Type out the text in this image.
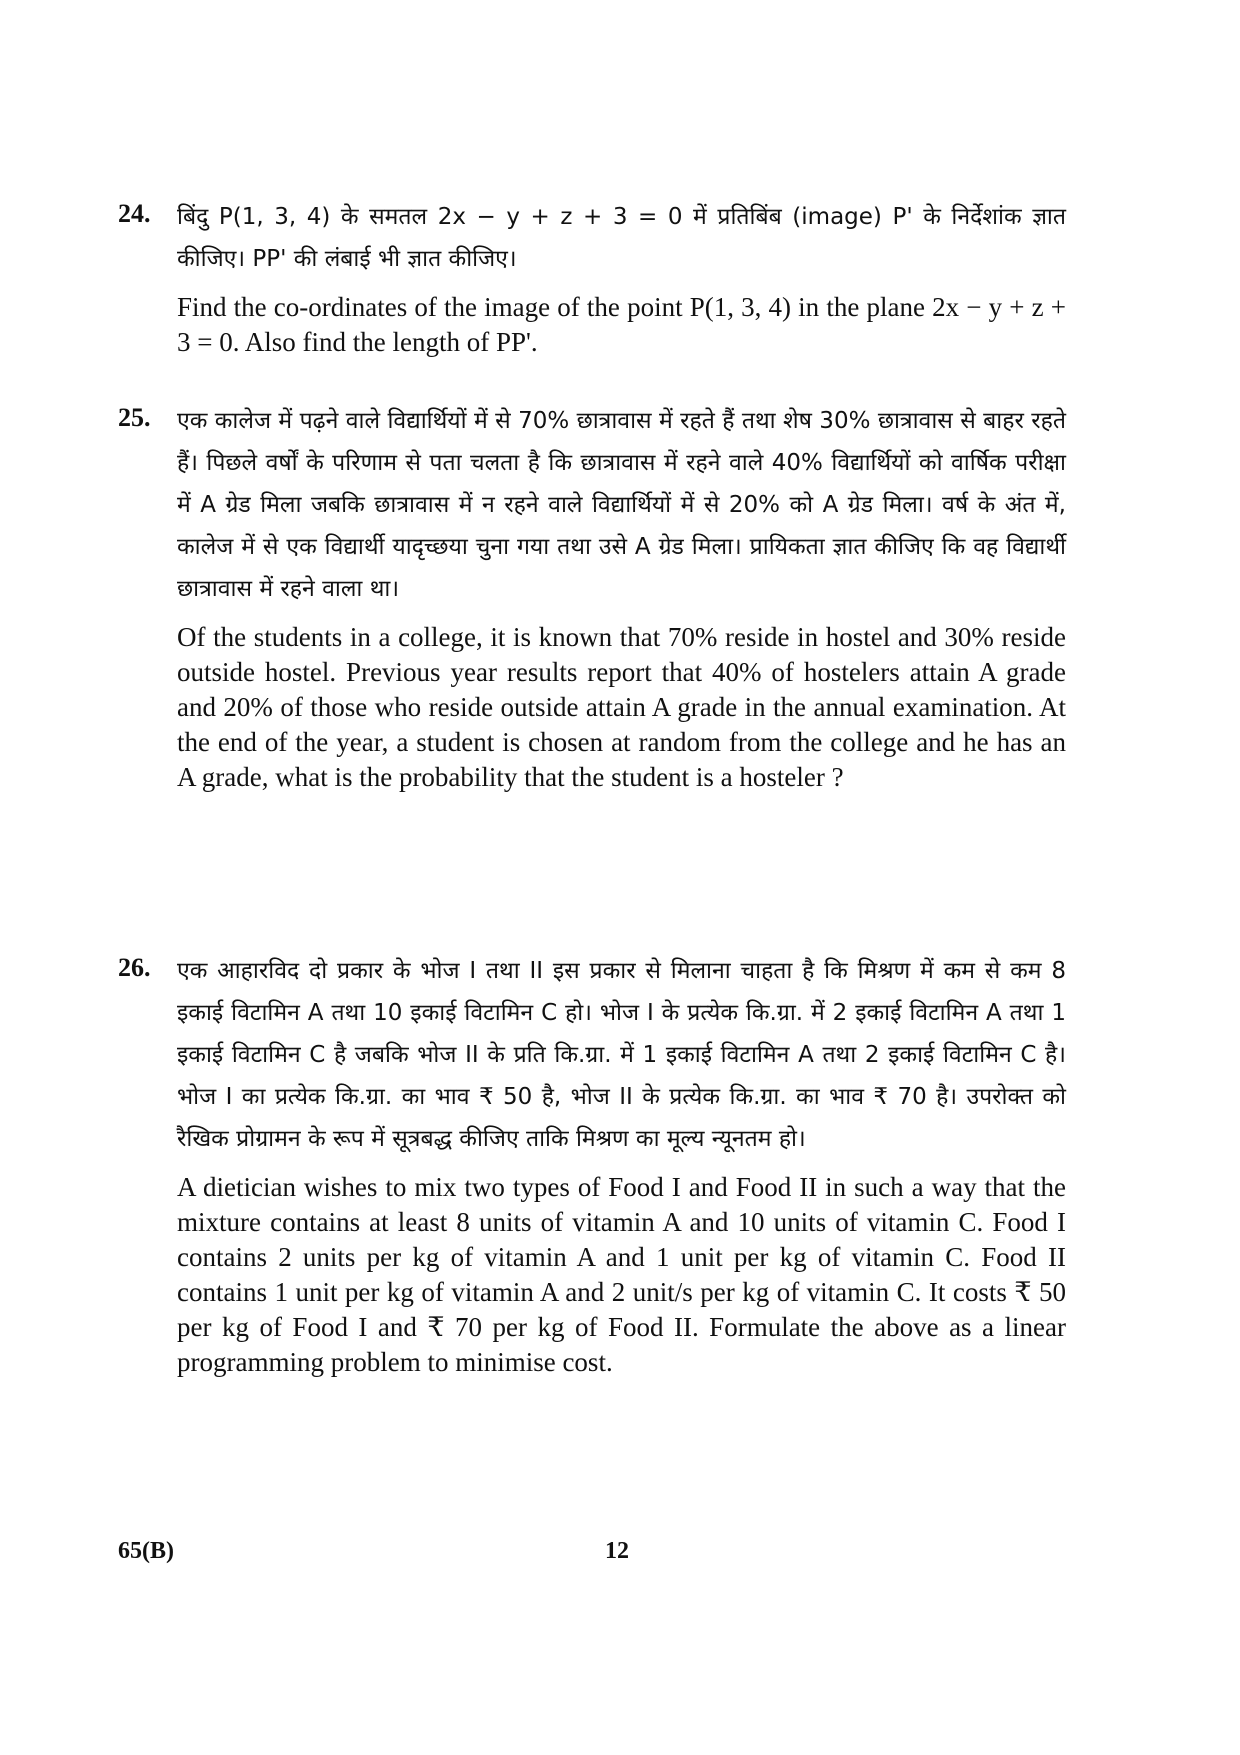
24. बिंदु P(1, 3, 4) के समतल 2x − y + z + 3 = 0 में प्रतिबिंब (image) P' के निर्देशांक ज्ञात कीजिए। PP' की लंबाई भी ज्ञात कीजिए।

Find the co-ordinates of the image of the point P(1, 3, 4) in the plane 2x − y + z + 3 = 0. Also find the length of PP'.

25. एक कालेज में पढ़ने वाले विद्यार्थियों में से 70% छात्रावास में रहते हैं तथा शेष 30% छात्रावास से बाहर रहते हैं। पिछले वर्षों के परिणाम से पता चलता है कि छात्रावास में रहने वाले 40% विद्यार्थियों को वार्षिक परीक्षा में A ग्रेड मिला जबकि छात्रावास में न रहने वाले विद्यार्थियों में से 20% को A ग्रेड मिला। वर्ष के अंत में, कालेज में से एक विद्यार्थी यादृच्छया चुना गया तथा उसे A ग्रेड मिला। प्रायिकता ज्ञात कीजिए कि वह विद्यार्थी छात्रावास में रहने वाला था।

Of the students in a college, it is known that 70% reside in hostel and 30% reside outside hostel. Previous year results report that 40% of hostelers attain A grade and 20% of those who reside outside attain A grade in the annual examination. At the end of the year, a student is chosen at random from the college and he has an A grade, what is the probability that the student is a hosteler ?

26. एक आहारविद दो प्रकार के भोज I तथा II इस प्रकार से मिलाना चाहता है कि मिश्रण में कम से कम 8 इकाई विटामिन A तथा 10 इकाई विटामिन C हो। भोज I के प्रत्येक कि.ग्रा. में 2 इकाई विटामिन A तथा 1 इकाई विटामिन C है जबकि भोज II के प्रति कि.ग्रा. में 1 इकाई विटामिन A तथा 2 इकाई विटामिन C है। भोज I का प्रत्येक कि.ग्रा. का भाव ₹ 50 है, भोज II के प्रत्येक कि.ग्रा. का भाव ₹ 70 है। उपरोक्त को रैखिक प्रोग्रामन के रूप में सूत्रबद्ध कीजिए ताकि मिश्रण का मूल्य न्यूनतम हो।

A dietician wishes to mix two types of Food I and Food II in such a way that the mixture contains at least 8 units of vitamin A and 10 units of vitamin C. Food I contains 2 units per kg of vitamin A and 1 unit per kg of vitamin C. Food II contains 1 unit per kg of vitamin A and 2 unit/s per kg of vitamin C. It costs ₹ 50 per kg of Food I and ₹ 70 per kg of Food II. Formulate the above as a linear programming problem to minimise cost.

65(B)	12
